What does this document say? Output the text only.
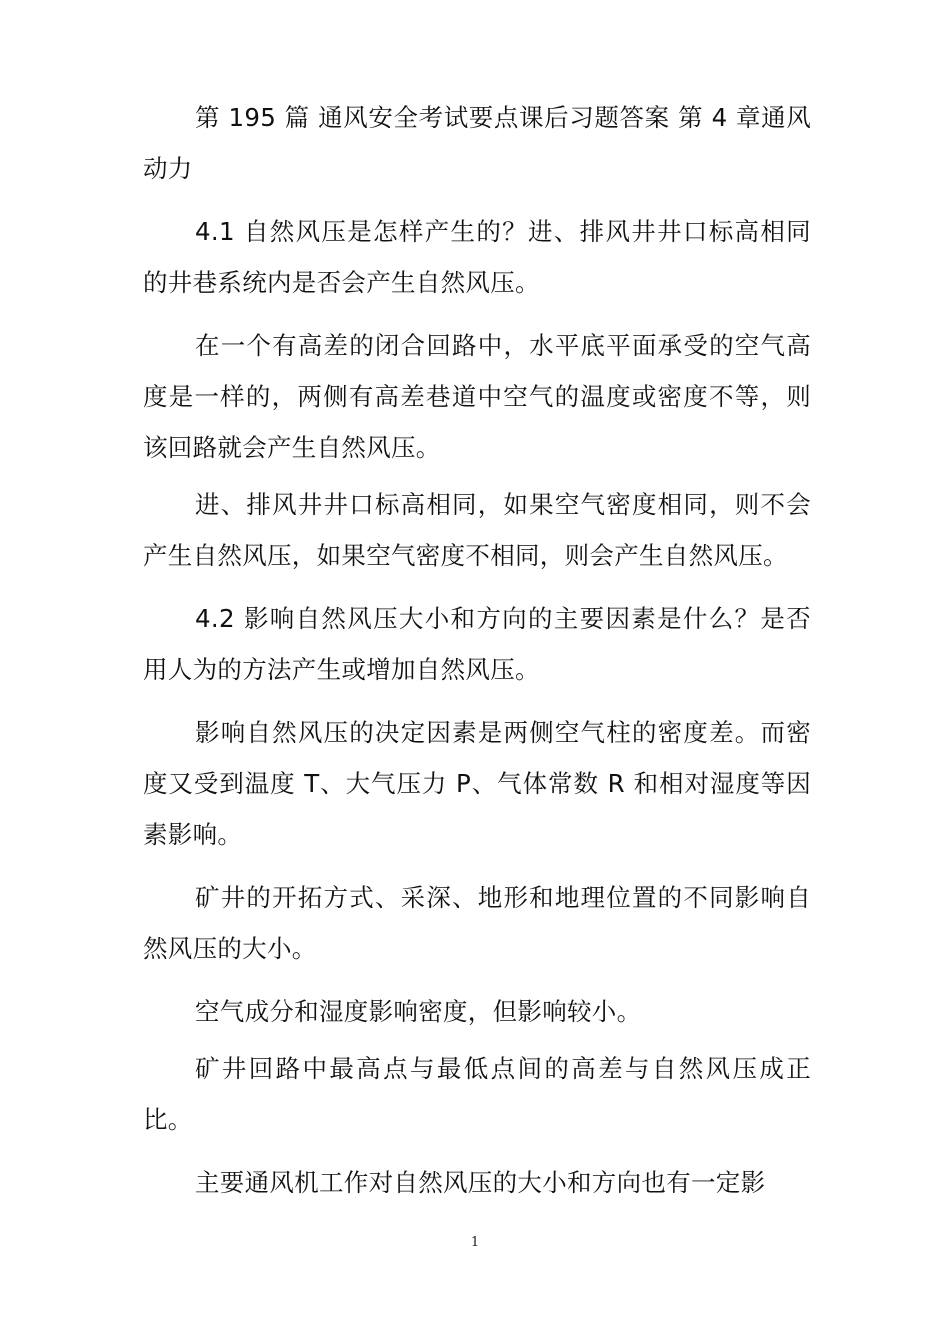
第 195 篇 通风安全考试要点课后习题答案 第 4 章通风动力

4.1 自然风压是怎样产生的？进、排风井井口标高相同的井巷系统内是否会产生自然风压。

在一个有高差的闭合回路中，水平底平面承受的空气高度是一样的，两侧有高差巷道中空气的温度或密度不等，则该回路就会产生自然风压。

进、排风井井口标高相同，如果空气密度相同，则不会产生自然风压，如果空气密度不相同，则会产生自然风压。

4.2 影响自然风压大小和方向的主要因素是什么？是否用人为的方法产生或增加自然风压。

影响自然风压的决定因素是两侧空气柱的密度差。而密度又受到温度 T、大气压力 P、气体常数 R 和相对湿度等因素影响。

矿井的开拓方式、采深、地形和地理位置的不同影响自然风压的大小。

空气成分和湿度影响密度，但影响较小。

矿井回路中最高点与最低点间的高差与自然风压成正比。

主要通风机工作对自然风压的大小和方向也有一定影

1
